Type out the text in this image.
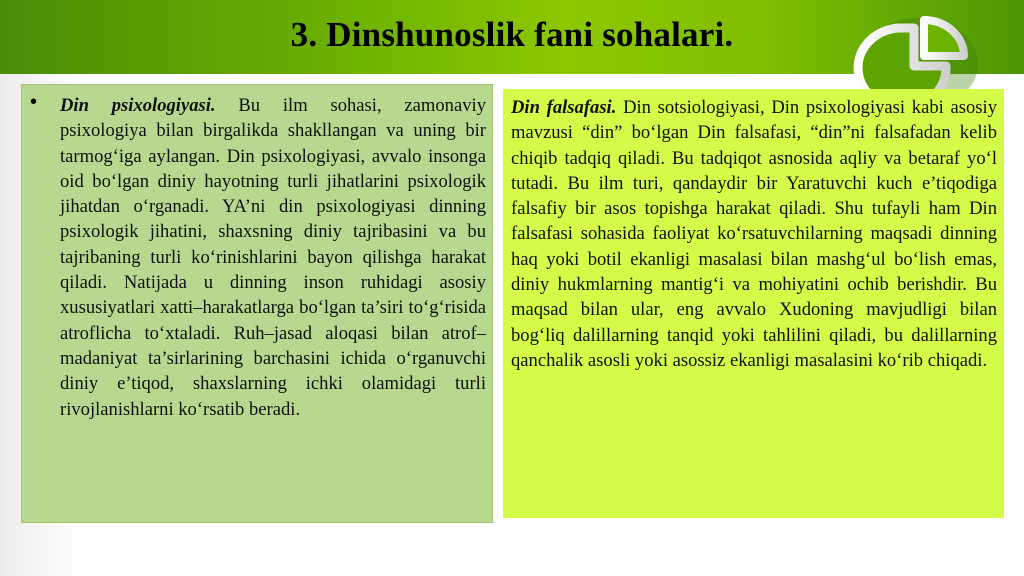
3. Dinshunoslik fani sohalari.
• Din psixologiyasi. Bu ilm sohasi, zamonaviy psixologiya bilan birgalikda shakllangan va uning bir tarmog‘iga aylangan. Din psixologiyasi, avvalo insonga oid bo‘lgan diniy hayotning turli jihatlarini psixologik jihatdan o‘rganadi. YA’ni din psixologiyasi dinning psixologik jihatini, shaxsning diniy tajribasini va bu tajribaning turli ko‘rinishlarini bayon qilishga harakat qiladi. Natijada u dinning inson ruhidagi asosiy xususiyatlari xatti–harakatlarga bo‘lgan ta’siri to‘g‘risida atroflicha to‘xtaladi. Ruh–jasad aloqasi bilan atrof–madaniyat ta’sirlarining barchasini ichida o‘rganuvchi diniy e’tiqod, shaxslarning ichki olamidagi turli rivojlanishlarni ko‘rsatib beradi.
Din falsafasi. Din sotsiologiyasi, Din psixologiyasi kabi asosiy mavzusi “din” bo‘lgan Din falsafasi, “din”ni falsafadan kelib chiqib tadqiq qiladi. Bu tadqiqot asnosida aqliy va betaraf yo‘l tutadi. Bu ilm turi, qandaydir bir Yaratuvchi kuch e’tiqodiga falsafiy bir asos topishga harakat qiladi. Shu tufayli ham Din falsafasi sohasida faoliyat ko‘rsatuvchilarning maqsadi dinning haq yoki botil ekanligi masalasi bilan mashg‘ul bo‘lish emas, diniy hukmlarning mantig‘i va mohiyatini ochib berishdir. Bu maqsad bilan ular, eng avvalo Xudoning mavjudligi bilan bog‘liq dalillarning tanqid yoki tahlilini qiladi, bu dalillarning qanchalik asosli yoki asossiz ekanligi masalasini ko‘rib chiqadi.
